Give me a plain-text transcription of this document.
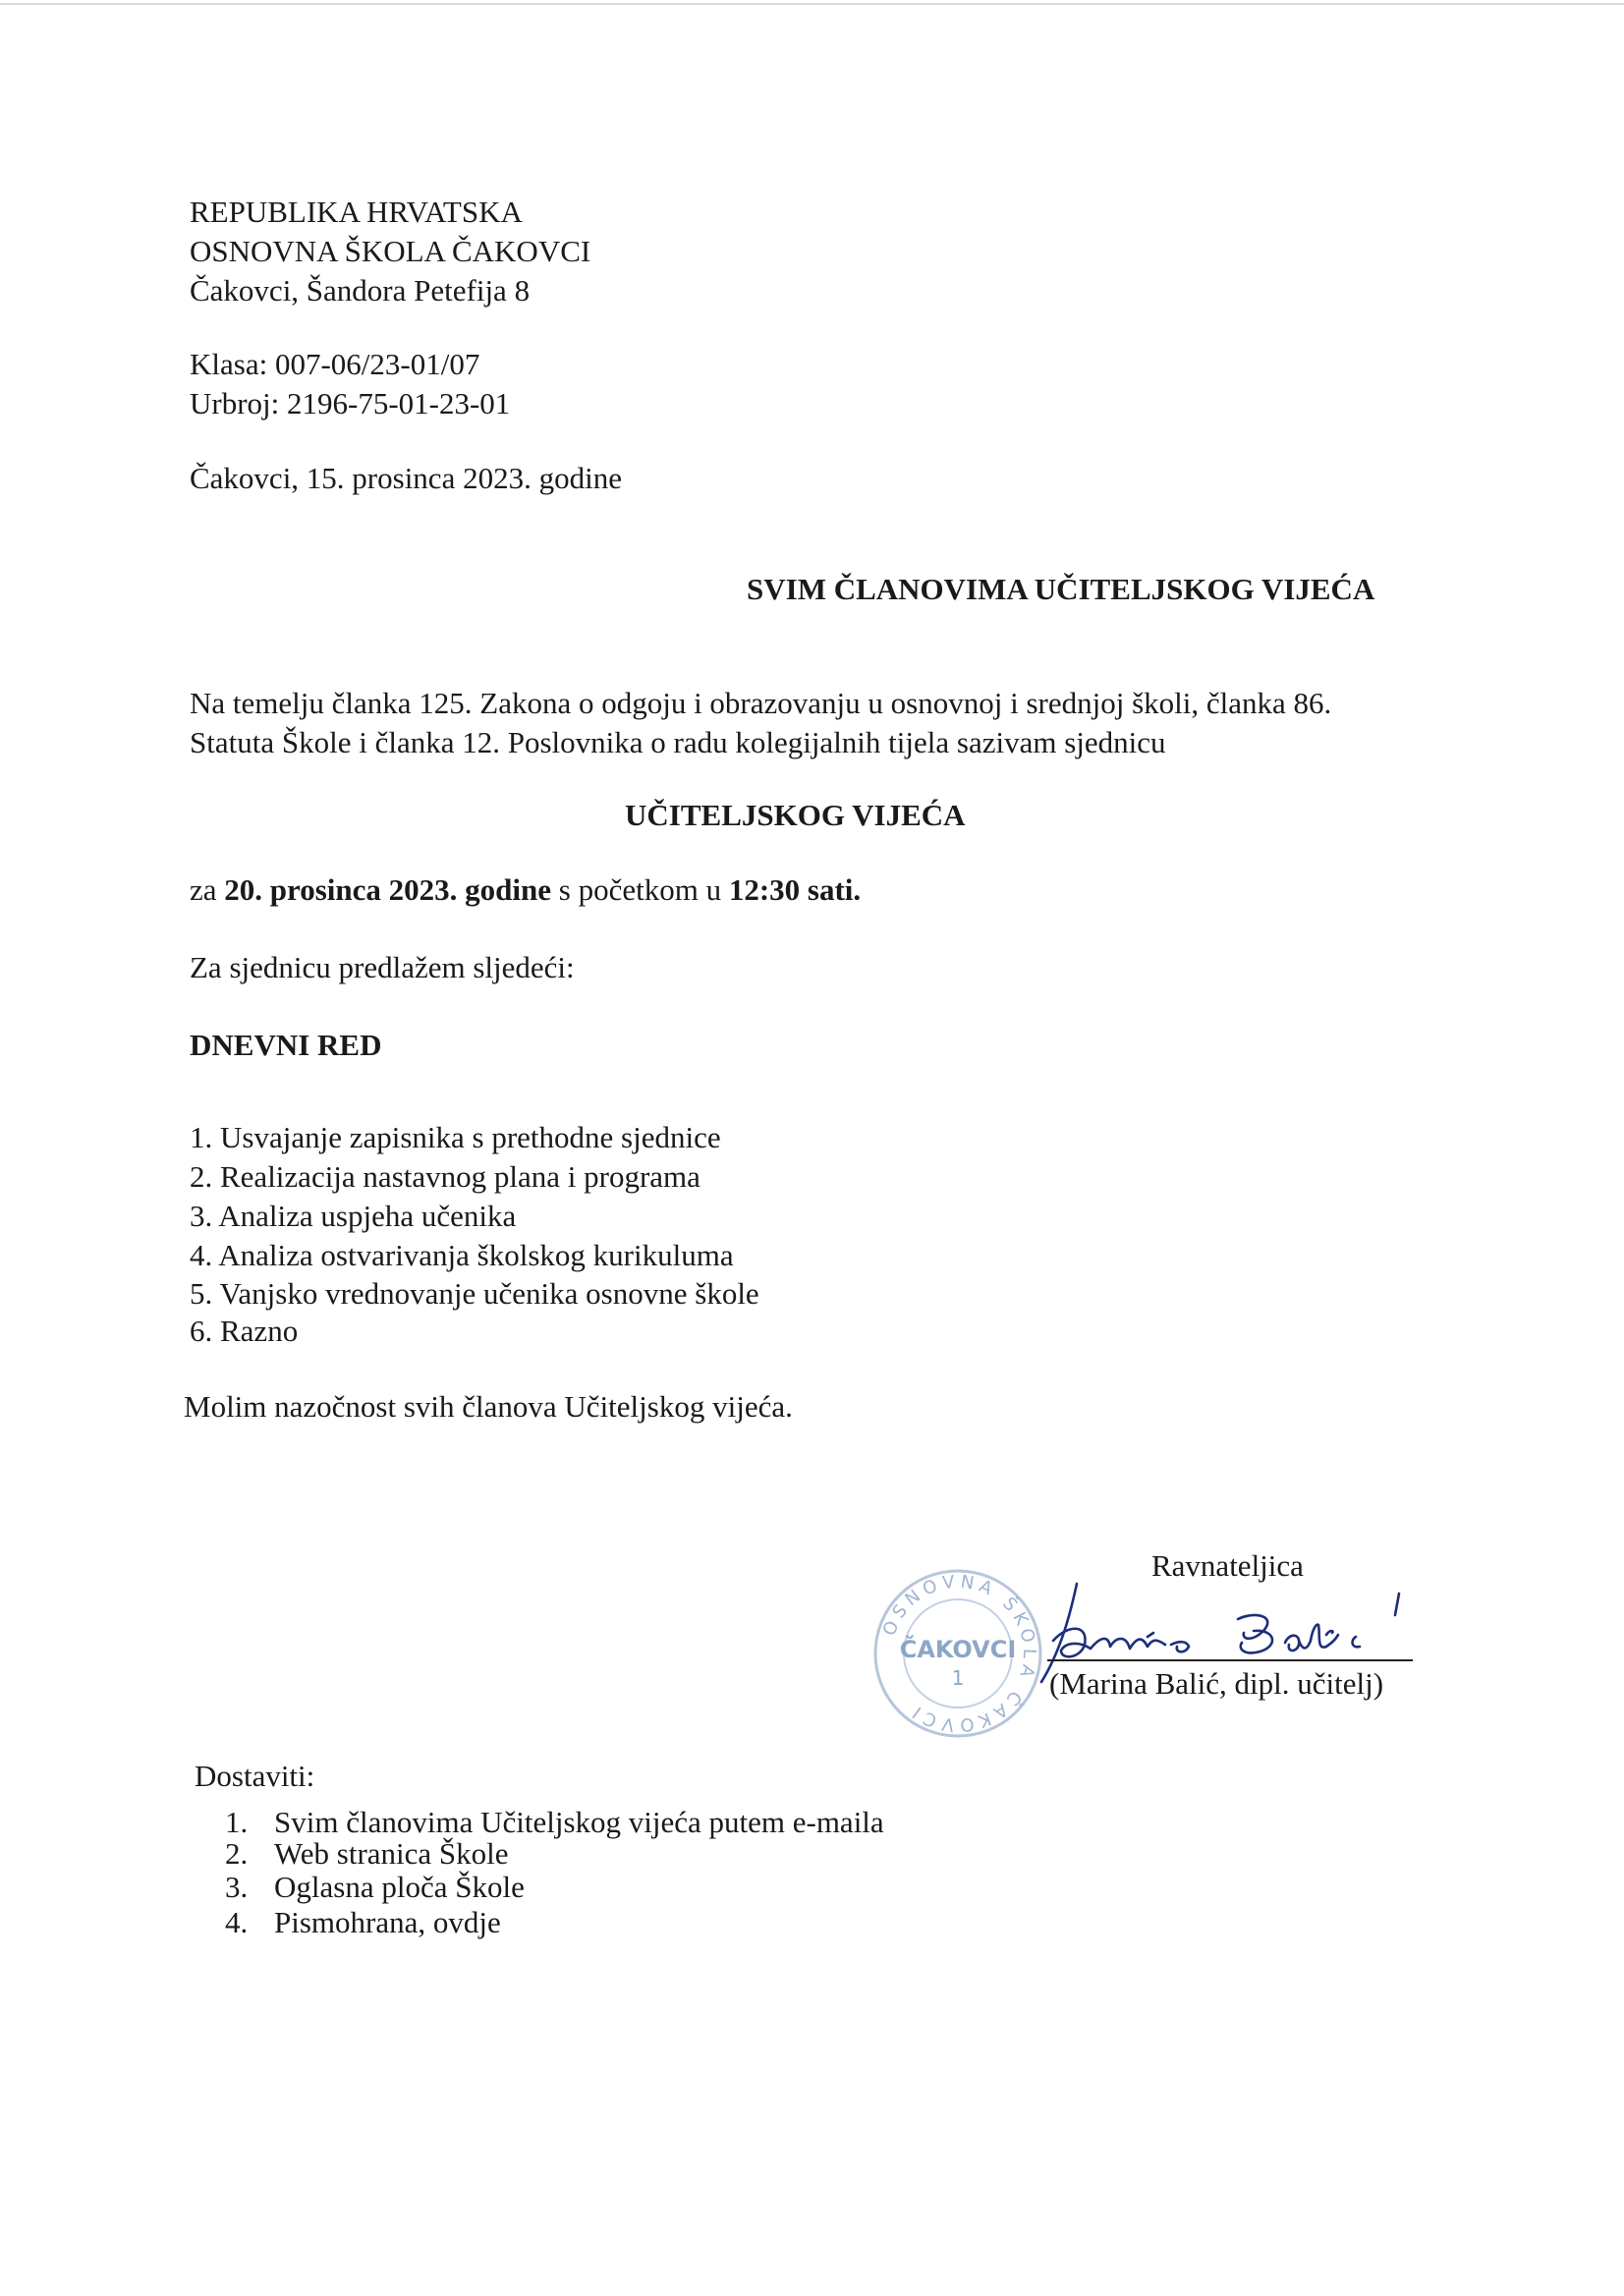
REPUBLIKA HRVATSKA
OSNOVNA ŠKOLA ČAKOVCI
Čakovci, Šandora Petefija 8
Klasa: 007-06/23-01/07
Urbroj: 2196-75-01-23-01
Čakovci, 15. prosinca 2023. godine
SVIM ČLANOVIMA UČITELJSKOG VIJEĆA
Na temelju članka 125. Zakona o odgoju i obrazovanju u osnovnoj i srednjoj školi, članka 86.
Statuta Škole i članka 12. Poslovnika o radu kolegijalnih tijela sazivam sjednicu
UČITELJSKOG VIJEĆA
za 20. prosinca 2023. godine s početkom u 12:30 sati.
Za sjednicu predlažem sljedeći:
DNEVNI RED
1. Usvajanje zapisnika s prethodne sjednice
2. Realizacija nastavnog plana i programa
3. Analiza uspjeha učenika
4. Analiza ostvarivanja školskog kurikuluma
5. Vanjsko vrednovanje učenika osnovne škole
6. Razno
Molim nazočnost svih članova Učiteljskog vijeća.
Ravnateljica
OSNOVNA ŠKOLA ČAKOVCI
ČAKOVCI
1	(Marina Balić, dipl. učitelj)
Dostaviti:
1. Svim članovima Učiteljskog vijeća putem e-maila
2. Web stranica Škole
3. Oglasna ploča Škole
4. Pismohrana, ovdje
